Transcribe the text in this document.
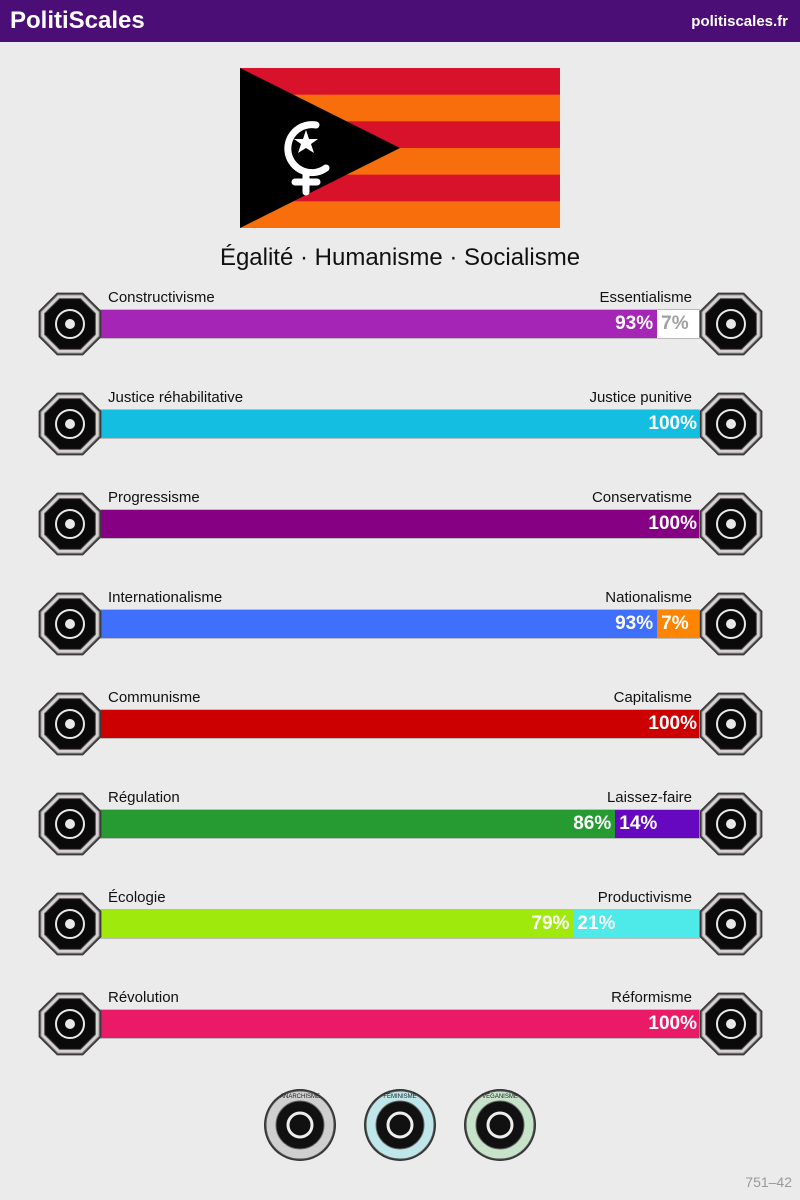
PolitiScales	politiscales.fr
Égalité · Humanisme · Socialisme
Constructivisme	Essentialisme
93% 7%
Justice réhabilitative	Justice punitive
100%
Progressisme	Conservatisme
100%
Internationalisme	Nationalisme
93% 7%
Communisme	Capitalisme
100%
Régulation	Laissez-faire
86% 14%
Écologie	Productivisme
79% 21%
Révolution	Réformisme
100%
ANARCHISME	FÉMINISME	VÉGANISME
751–42
